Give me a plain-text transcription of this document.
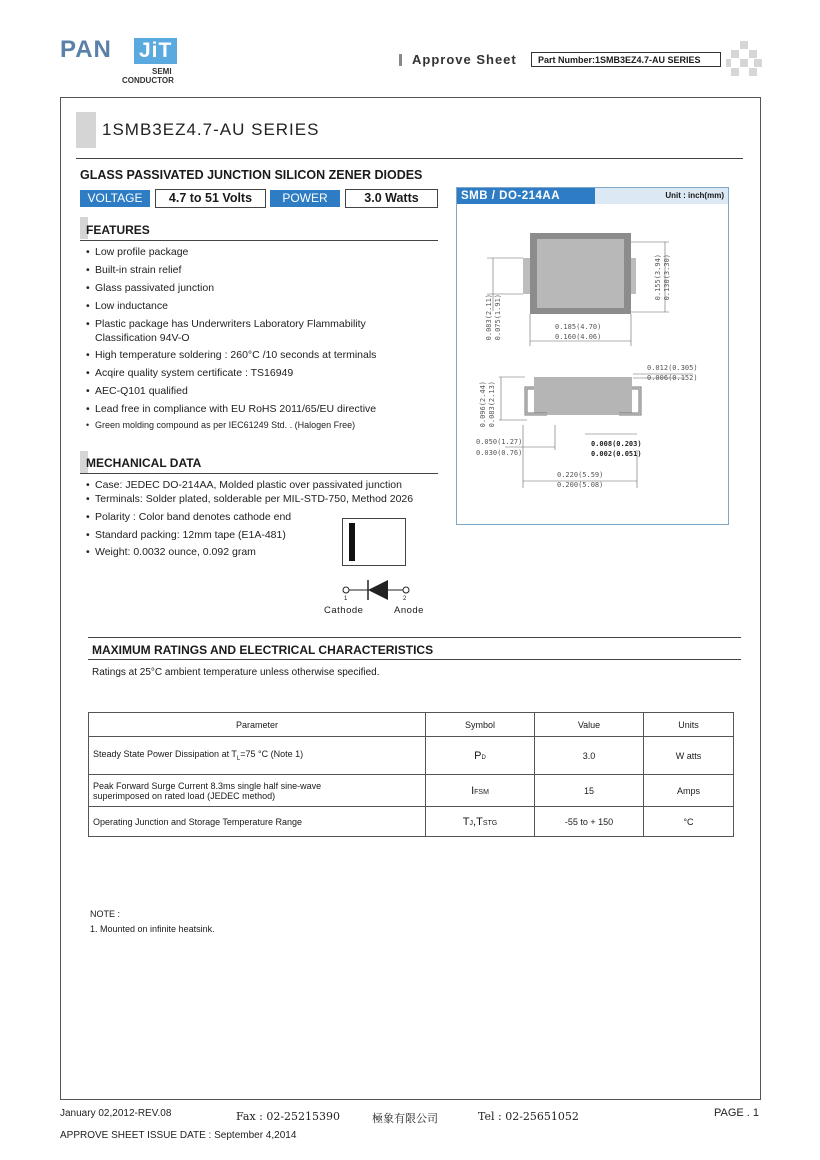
PAN JiT
SEMI
CONDUCTOR
Approve Sheet	Part Number:1SMB3EZ4.7-AU SERIES
1SMB3EZ4.7-AU SERIES
GLASS PASSIVATED JUNCTION SILICON ZENER DIODES
VOLTAGE	4.7 to 51 Volts	POWER	3.0 Watts
FEATURES
• Low profile package
• Built-in strain relief
• Glass passivated junction
• Low inductance
• Plastic package has Underwriters Laboratory Flammability
Classification 94V-O
• High temperature soldering : 260°C /10 seconds at terminals
• Acqire quality system certificate : TS16949
• AEC-Q101 qualified
• Lead free in compliance with EU RoHS 2011/65/EU directive
• Green molding compound as per IEC61249 Std. . (Halogen Free)
MECHANICAL DATA
• Case: JEDEC DO-214AA, Molded plastic over passivated junction
• Terminals: Solder plated, solderable per MIL-STD-750, Method 2026
• Polarity : Color band denotes cathode end
• Standard packing: 12mm tape (E1A-481)
• Weight: 0.0032 ounce, 0.092 gram
1	2
Cathode	Anode
SMB / DO-214AA	Unit : inch(mm)
0.185(4.70)
0.160(4.06)
0.155(3.94) 0.130(3.30)
0.083(2.11) 0.075(1.91)
0.012(0.305)
0.006(0.152)
0.096(2.44) 0.083(2.13)
0.050(1.27)
0.030(0.76)
0.008(0.203)
0.002(0.051)
0.220(5.59)
0.200(5.08)
MAXIMUM RATINGS AND ELECTRICAL CHARACTERISTICS
Ratings at 25°C ambient temperature unless otherwise specified.
Parameter	Symbol	Value	Units
Steady State Power Dissipation at $T_L=75$ °C (Note 1)	PD	3.0	W atts

Peak Forward Surge Current 8.3ms single half sine-wave
superimposed on rated load (JEDEC method)	IFSM	15	Amps
Operating Junction and Storage Temperature Range	TJ,TSTG	-55 to + 150	°C
NOTE :
1. Mounted on infinite heatsink.
January 02,2012-REV.08	Fax : 02-25215390	極象有限公司	Tel : 02-25651052	PAGE . 1
APPROVE SHEET ISSUE DATE : September 4,2014
